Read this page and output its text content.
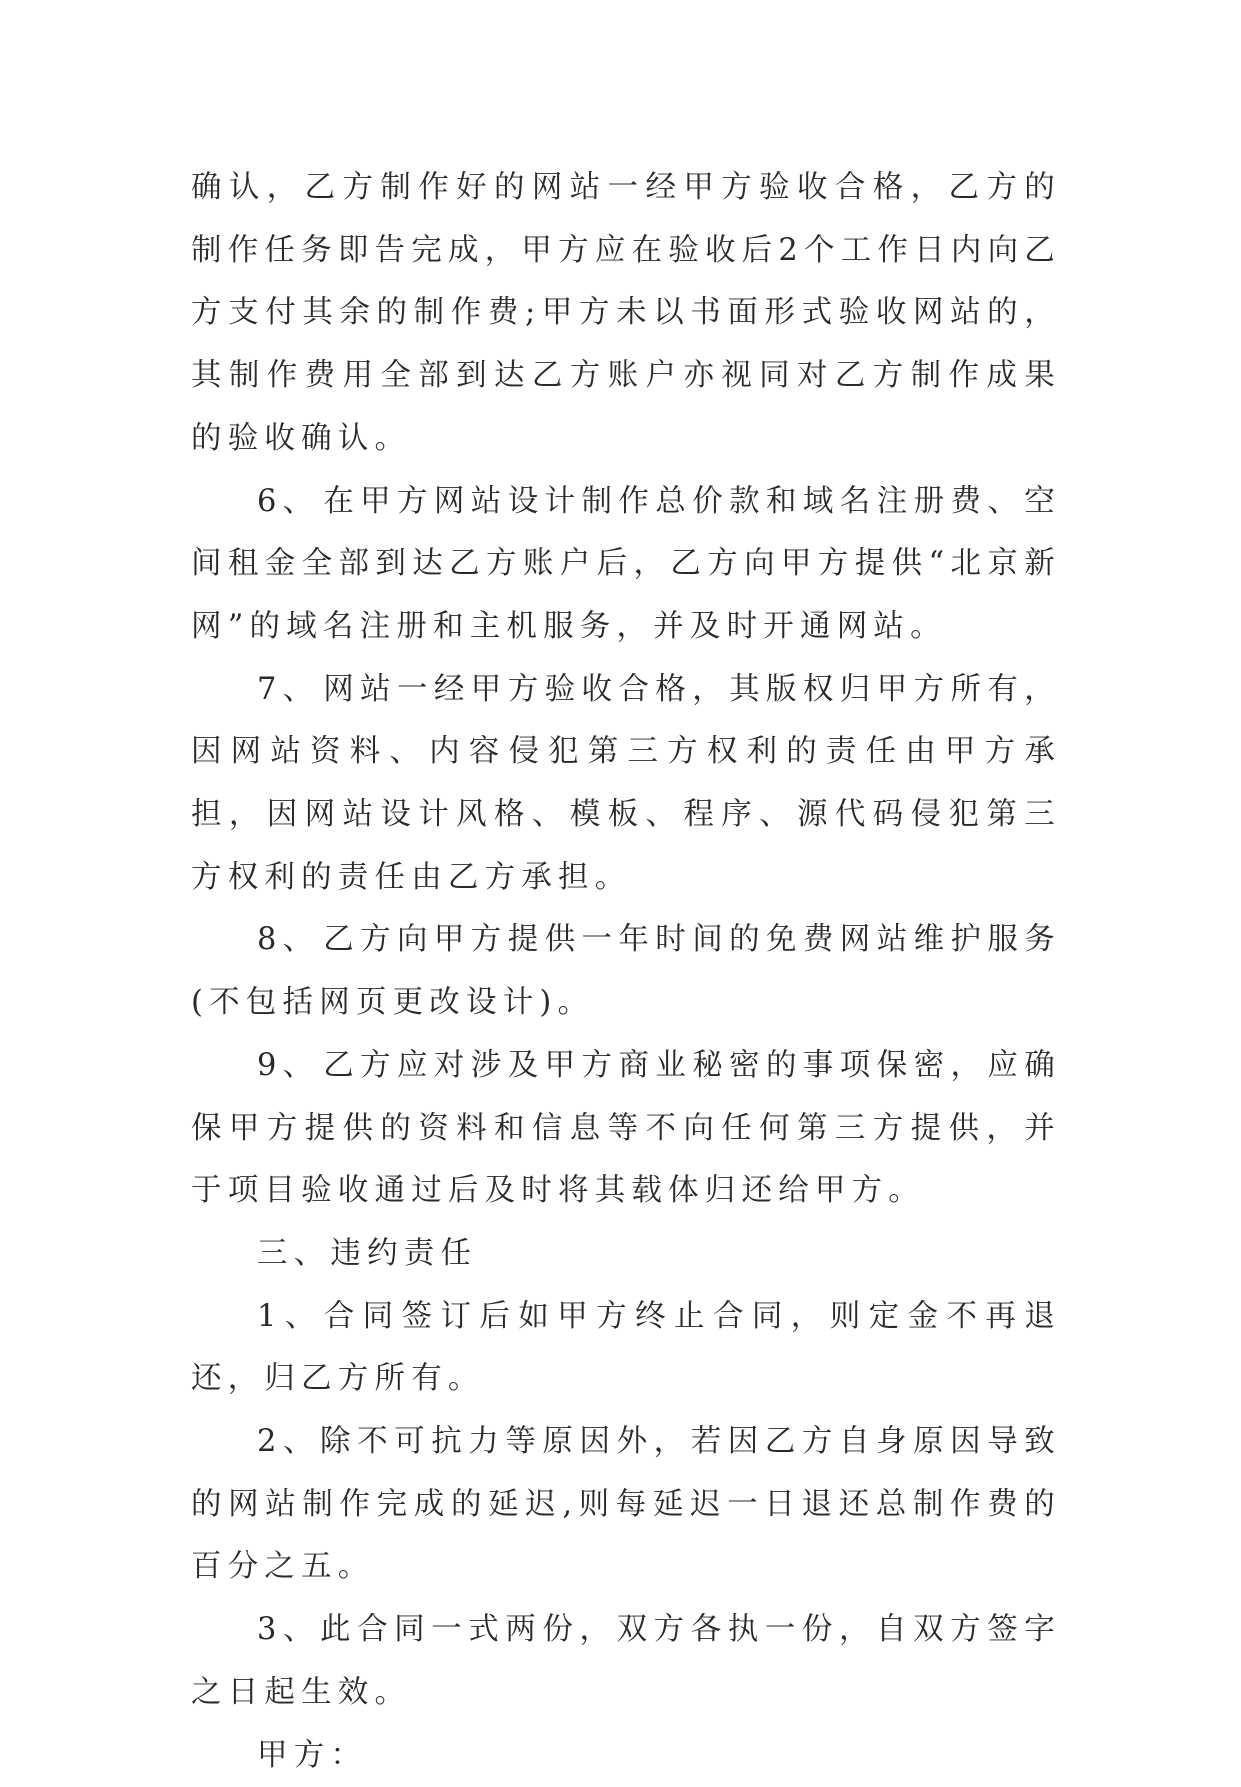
确认，乙方制作好的网站一经甲方验收合格，乙方的制作任务即告完成，甲方应在验收后2个工作日内向乙方支付其余的制作费;甲方未以书面形式验收网站的，其制作费用全部到达乙方账户亦视同对乙方制作成果的验收确认。

6、 在甲方网站设计制作总价款和域名注册费、空间租金全部到达乙方账户后，乙方向甲方提供“北京新网”的域名注册和主机服务，并及时开通网站。

7、 网站一经甲方验收合格，其版权归甲方所有，因网站资料、内容侵犯第三方权利的责任由甲方承担，因网站设计风格、模板、程序、源代码侵犯第三方权利的责任由乙方承担。

8、 乙方向甲方提供一年时间的免费网站维护服务(不包括网页更改设计)。

9、 乙方应对涉及甲方商业秘密的事项保密，应确保甲方提供的资料和信息等不向任何第三方提供，并于项目验收通过后及时将其载体归还给甲方。

三、违约责任

1、合同签订后如甲方终止合同，则定金不再退还，归乙方所有。

2、除不可抗力等原因外，若因乙方自身原因导致的网站制作完成的延迟,则每延迟一日退还总制作费的百分之五。

3、此合同一式两份，双方各执一份，自双方签字之日起生效。

甲方：
